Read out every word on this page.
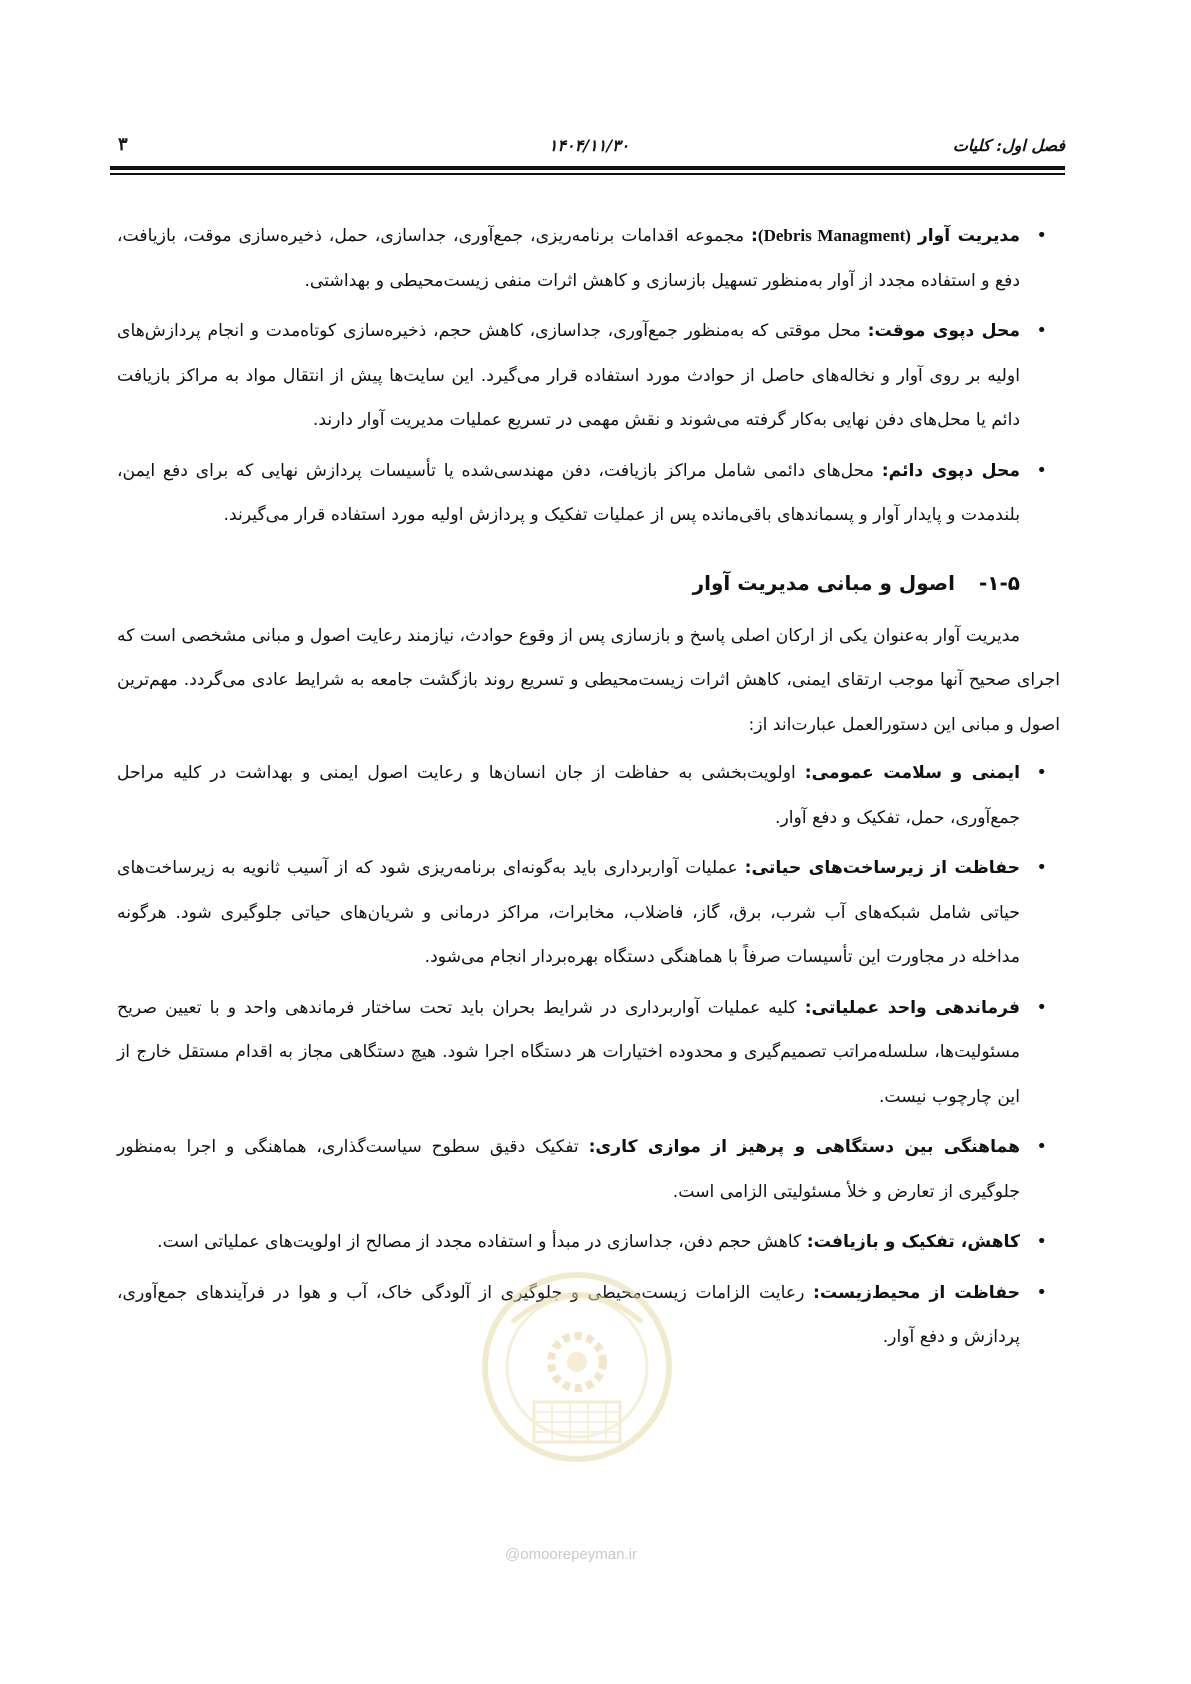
فصل اول: کلیات
۱۴۰۴/۱۱/۳۰
۳
• مدیریت آوار (Debris Managment): مجموعه اقدامات برنامه‌ریزی، جمع‌آوری، جداسازی، حمل، ذخیره‌سازی موقت، بازیافت، دفع و استفاده مجدد از آوار به‌منظور تسهیل بازسازی و کاهش اثرات منفی زیست‌محیطی و بهداشتی.
• محل دپوی موقت: محل موقتی که به‌منظور جمع‌آوری، جداسازی، کاهش حجم، ذخیره‌سازی کوتاه‌مدت و انجام پردازش‌های اولیه بر روی آوار و نخاله‌های حاصل از حوادث مورد استفاده قرار می‌گیرد. این سایت‌ها پیش از انتقال مواد به مراکز بازیافت دائم یا محل‌های دفن نهایی به‌کار گرفته می‌شوند و نقش مهمی در تسریع عملیات مدیریت آوار دارند.
• محل دپوی دائم: محل‌های دائمی شامل مراکز بازیافت، دفن مهندسی‌شده یا تأسیسات پردازش نهایی که برای دفع ایمن، بلندمدت و پایدار آوار و پسماندهای باقی‌مانده پس از عملیات تفکیک و پردازش اولیه مورد استفاده قرار می‌گیرند.
۱-۵-اصول و مبانی مدیریت آوار

مدیریت آوار به‌عنوان یکی از ارکان اصلی پاسخ و بازسازی پس از وقوع حوادث، نیازمند رعایت اصول و مبانی مشخصی است که اجرای صحیح آنها موجب ارتقای ایمنی، کاهش اثرات زیست‌محیطی و تسریع روند بازگشت جامعه به شرایط عادی می‌گردد. مهم‌ترین اصول و مبانی این دستورالعمل عبارت‌اند از:

• ایمنی و سلامت عمومی: اولویت‌بخشی به حفاظت از جان انسان‌ها و رعایت اصول ایمنی و بهداشت در کلیه مراحل جمع‌آوری، حمل، تفکیک و دفع آوار.
• حفاظت از زیرساخت‌های حیاتی: عملیات آواربرداری باید به‌گونه‌ای برنامه‌ریزی شود که از آسیب ثانویه به زیرساخت‌های حیاتی شامل شبکه‌های آب شرب، برق، گاز، فاضلاب، مخابرات، مراکز درمانی و شریان‌های حیاتی جلوگیری شود. هرگونه مداخله در مجاورت این تأسیسات صرفاً با هماهنگی دستگاه بهره‌بردار انجام می‌شود.
• فرماندهی واحد عملیاتی: کلیه عملیات آواربرداری در شرایط بحران باید تحت ساختار فرماندهی واحد و با تعیین صریح مسئولیت‌ها، سلسله‌مراتب تصمیم‌گیری و محدوده اختیارات هر دستگاه اجرا شود. هیچ دستگاهی مجاز به اقدام مستقل خارج از این چارچوب نیست.
• هماهنگی بین دستگاهی و پرهیز از موازی کاری: تفکیک دقیق سطوح سیاست‌گذاری، هماهنگی و اجرا به‌منظور جلوگیری از تعارض و خلأ مسئولیتی الزامی است.
• کاهش، تفکیک و بازیافت: کاهش حجم دفن، جداسازی در مبدأ و استفاده مجدد از مصالح از اولویت‌های عملیاتی است.
• حفاظت از محیط‌زیست: رعایت الزامات زیست‌محیطی و جلوگیری از آلودگی خاک، آب و هوا در فرآیندهای جمع‌آوری، پردازش و دفع آوار.
@omoorepeyman.ir
